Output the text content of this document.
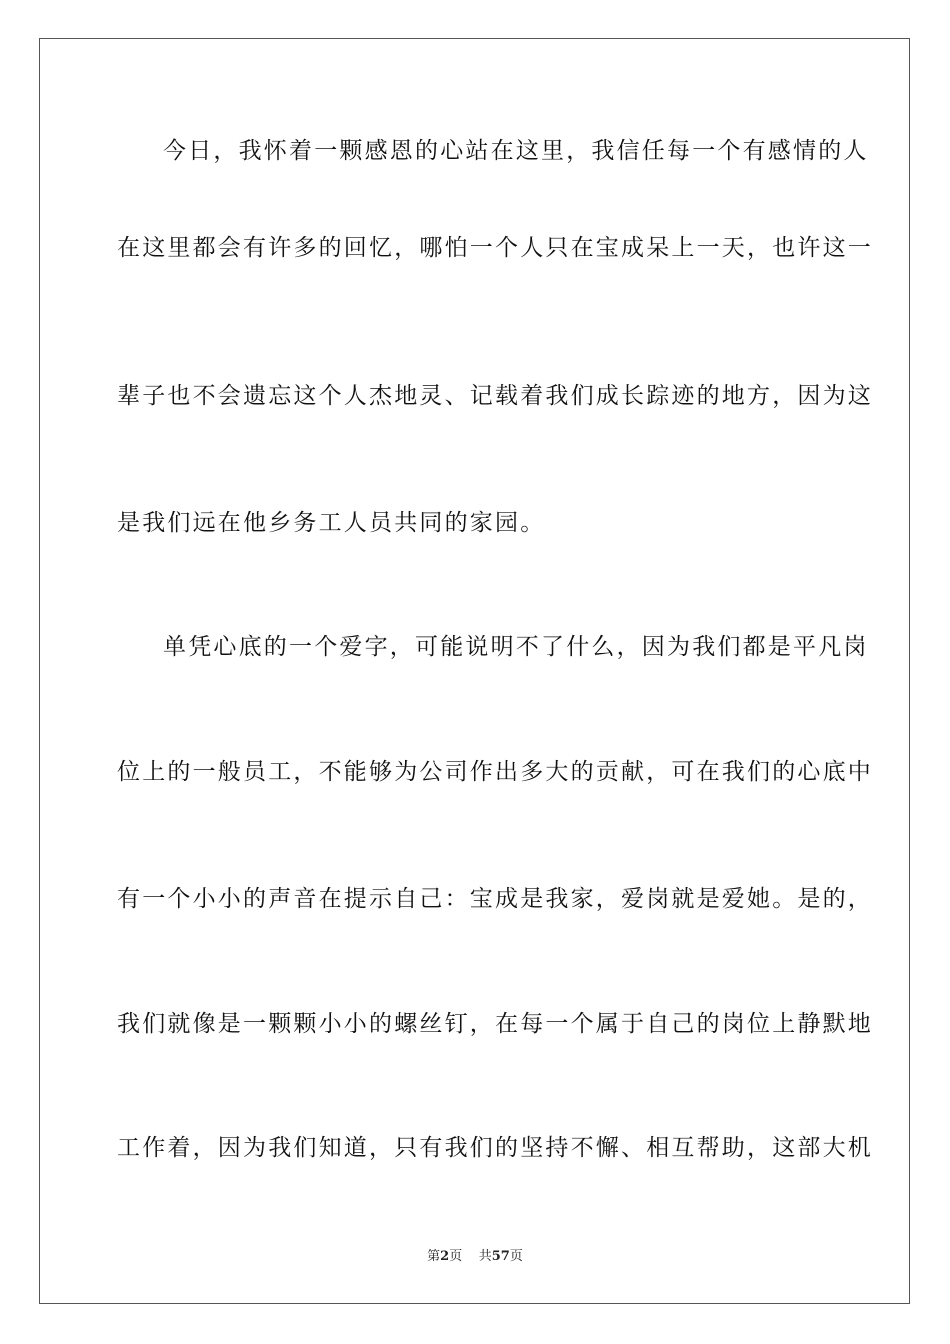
今日，我怀着一颗感恩的心站在这里，我信任每一个有感情的人
在这里都会有许多的回忆，哪怕一个人只在宝成呆上一天，也许这一
辈子也不会遗忘这个人杰地灵、记载着我们成长踪迹的地方，因为这
是我们远在他乡务工人员共同的家园。
单凭心底的一个爱字，可能说明不了什么，因为我们都是平凡岗
位上的一般员工，不能够为公司作出多大的贡献，可在我们的心底中
有一个小小的声音在提示自己：宝成是我家，爱岗就是爱她。是的，
我们就像是一颗颗小小的螺丝钉，在每一个属于自己的岗位上静默地
工作着，因为我们知道，只有我们的坚持不懈、相互帮助，这部大机
第2页 共57页
